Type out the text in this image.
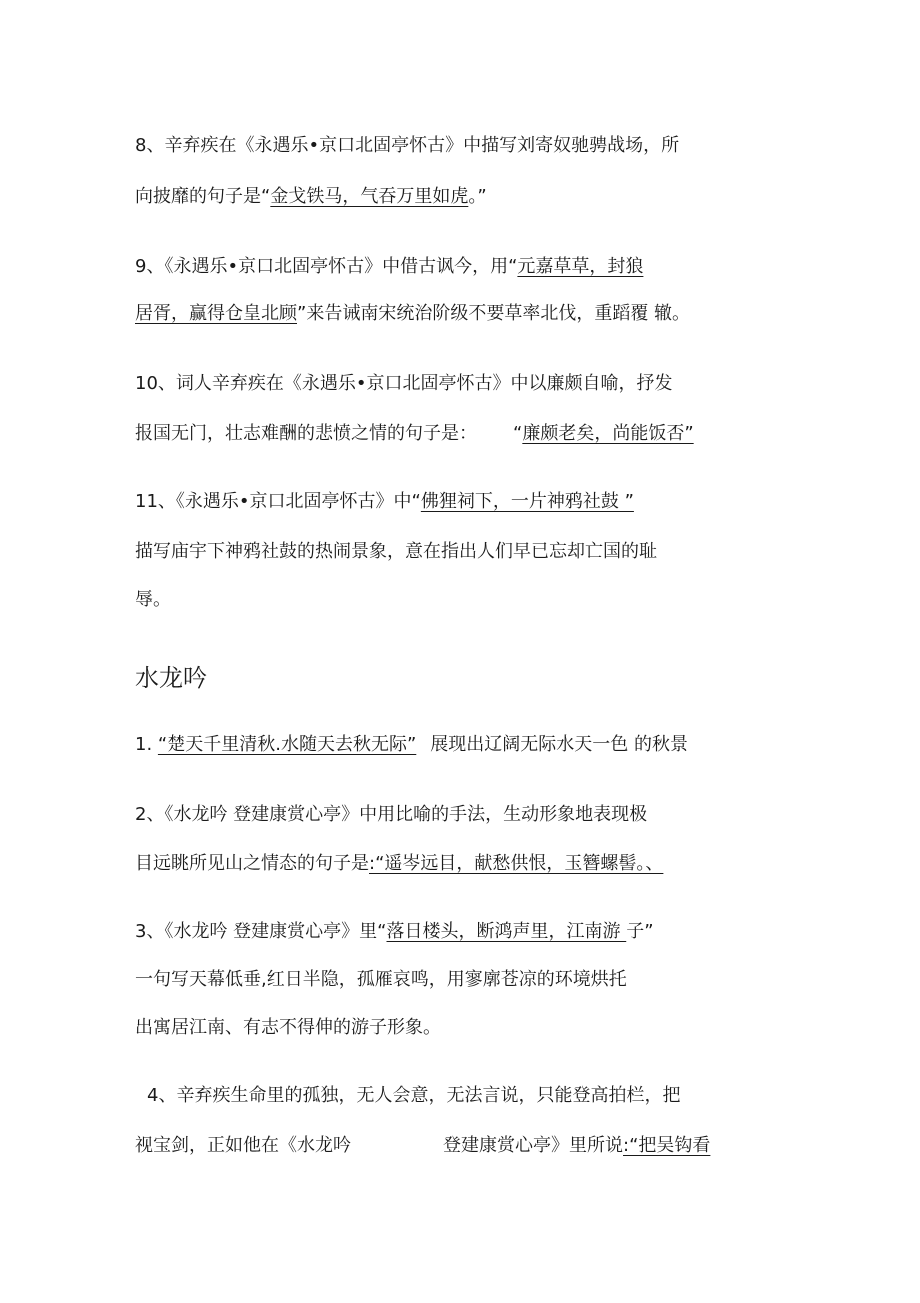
8、辛弃疾在《永遇乐•京口北固亭怀古》中描写刘寄奴驰骋战场，所
向披靡的句子是“金戈铁马，气吞万里如虎。”
9、《永遇乐•京口北固亭怀古》中借古讽今，用“元嘉草草，封狼
居胥，赢得仓皇北顾”来告诫南宋统治阶级不要草率北伐，重蹈覆 辙。
10、词人辛弃疾在《永遇乐•京口北固亭怀古》中以廉颇自喻，抒发
报国无门，壮志难酬的悲愤之情的句子是： “廉颇老矣，尚能饭否”
11、《永遇乐•京口北固亭怀古》中“佛狸祠下，一片神鸦社鼓 ”
描写庙宇下神鸦社鼓的热闹景象，意在指出人们早已忘却亡国的耻
辱。
水龙吟
1. “楚天千里清秋.水随天去秋无际” 展现出辽阔无际水天一色 的秋景
2、《水龙吟 登建康赏心亭》中用比喻的手法，生动形象地表现极
目远眺所见山之情态的句子是:“遥岑远目，献愁供恨，玉簪螺髻。、
3、《水龙吟 登建康赏心亭》里“落日楼头，断鸿声里，江南游 子”
一句写天幕低垂,红日半隐，孤雁哀鸣，用寥廓苍凉的环境烘托
出寓居江南、有志不得伸的游子形象。
4、辛弃疾生命里的孤独，无人会意，无法言说，只能登高拍栏，把
视宝剑，正如他在《水龙吟	登建康赏心亭》里所说:“把吴钩看
